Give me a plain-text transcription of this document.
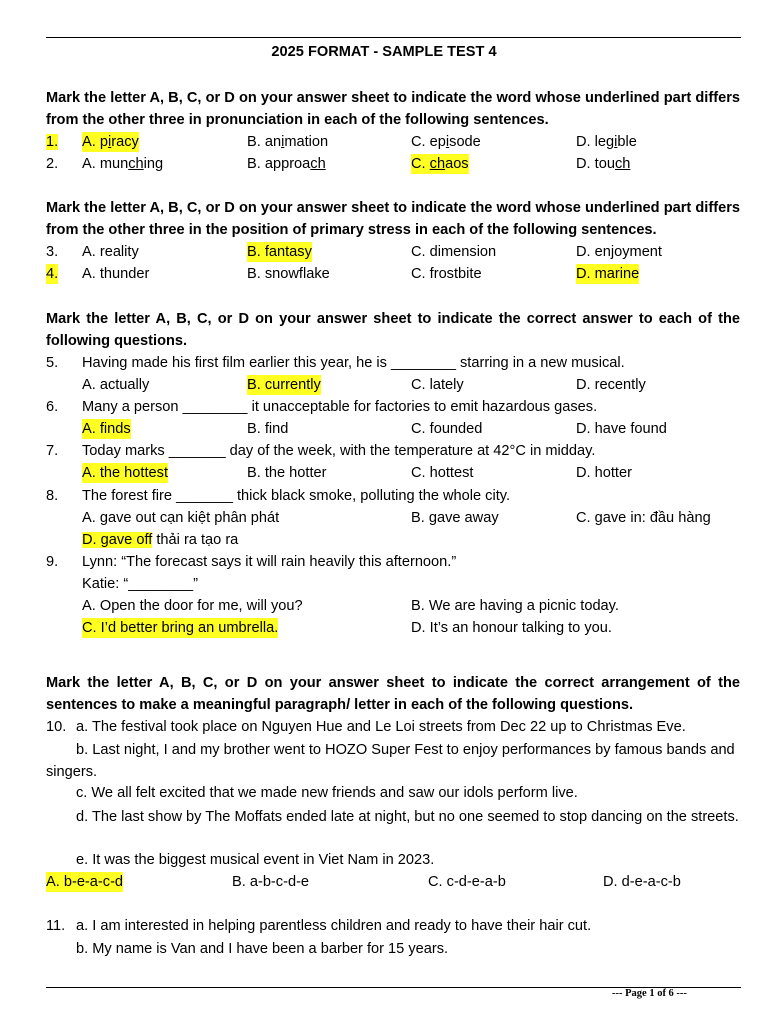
2025 FORMAT - SAMPLE TEST 4
Mark the letter A, B, C, or D on your answer sheet to indicate the word whose underlined part differs from the other three in pronunciation in each of the following sentences.
1. A. piracy	B. animation	C. episode	D. legible
2. A. munching	B. approach	C. chaos	D. touch
Mark the letter A, B, C, or D on your answer sheet to indicate the word whose underlined part differs from the other three in the position of primary stress in each of the following sentences.
3. A. reality	B. fantasy	C. dimension	D. enjoyment
4. A. thunder	B. snowflake	C. frostbite	D. marine
Mark the letter A, B, C, or D on your answer sheet to indicate the correct answer to each of the following questions.
5. Having made his first film earlier this year, he is ________ starring in a new musical.
A. actually	B. currently	C. lately	D. recently
6. Many a person ________ it unacceptable for factories to emit hazardous gases.
A. finds	B. find	C. founded	D. have found
7. Today marks _______ day of the week, with the temperature at 42°C in midday.
A. the hottest	B. the hotter	C. hottest	D. hotter
8. The forest fire _______ thick black smoke, polluting the whole city.
A. gave out cạn kiệt phân phát	B. gave away	C. gave in: đầu hàng
D. gave off thải ra tạo ra
9. Lynn: “The forecast says it will rain heavily this afternoon.”
Katie: “________”
A. Open the door for me, will you?	B. We are having a picnic today.
C. I’d better bring an umbrella.	D. It’s an honour talking to you.
Mark the letter A, B, C, or D on your answer sheet to indicate the correct arrangement of the sentences to make a meaningful paragraph/ letter in each of the following questions.
10. a. The festival took place on Nguyen Hue and Le Loi streets from Dec 22 up to Christmas Eve.
b. Last night, I and my brother went to HOZO Super Fest to enjoy performances by famous bands and singers.
c. We all felt excited that we made new friends and saw our idols perform live.
d. The last show by The Moffats ended late at night, but no one seemed to stop dancing on the streets.
e. It was the biggest musical event in Viet Nam in 2023.
A. b-e-a-c-d	B. a-b-c-d-e	C. c-d-e-a-b	D. d-e-a-c-b
11. a. I am interested in helping parentless children and ready to have their hair cut.
b. My name is Van and I have been a barber for 15 years.
--- Page 1 of 6 ---
